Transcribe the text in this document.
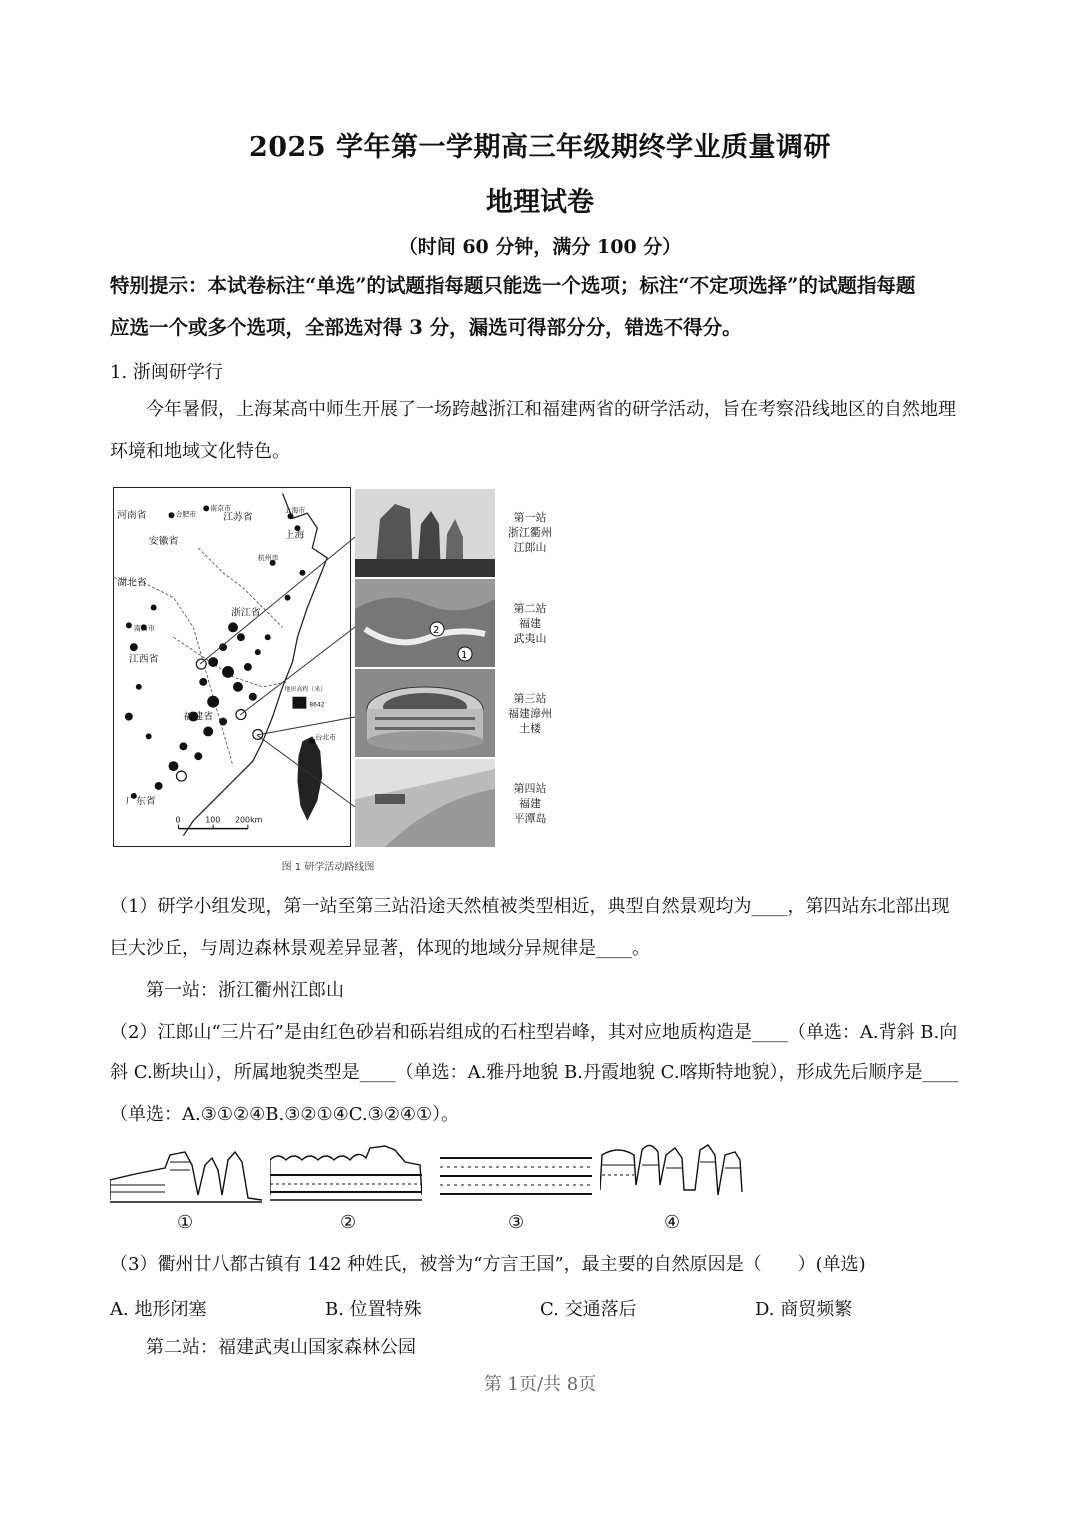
2025 学年第一学期高三年级期终学业质量调研
地理试卷
（时间 60 分钟，满分 100 分）
特别提示：本试卷标注“单选”的试题指每题只能选一个选项；标注“不定项选择”的试题指每题
应选一个或多个选项，全部选对得 3 分，漏选可得部分分，错选不得分。
1. 浙闽研学行
今年暑假，上海某高中师生开展了一场跨越浙江和福建两省的研学活动，旨在考察沿线地区的自然地理
环境和地域文化特色。
河南省	合肥市
南京市
江苏省
上海市
上海
安徽省
杭州市
湖北省
浙江省
南昌市
江西省
地形高程（米）
8642
福建省
台北市
广东省
0	100 200km
第一站
浙江衢州
江郎山
2
1
第二站
福建
武夷山
第三站
福建漳州
土楼
第四站
福建
平潭岛
图 1 研学活动路线图
（1）研学小组发现，第一站至第三站沿途天然植被类型相近，典型自然景观均为____，第四站东北部出现
巨大沙丘，与周边森林景观差异显著，体现的地域分异规律是____。
第一站：浙江衢州江郎山
（2）江郎山“三片石”是由红色砂岩和砾岩组成的石柱型岩峰，其对应地质构造是____（单选：A.背斜 B.向
斜 C.断块山），所属地貌类型是____（单选：A.雅丹地貌 B.丹霞地貌 C.喀斯特地貌），形成先后顺序是____
（单选：A.③①②④B.③②①④C.③②④①）。
①	②	③	④
（3）衢州廿八都古镇有 142 种姓氏，被誉为“方言王国”，最主要的自然原因是（　　）(单选)
A. 地形闭塞	B. 位置特殊	C. 交通落后	D. 商贸频繁
第二站：福建武夷山国家森林公园
第 1页/共 8页
